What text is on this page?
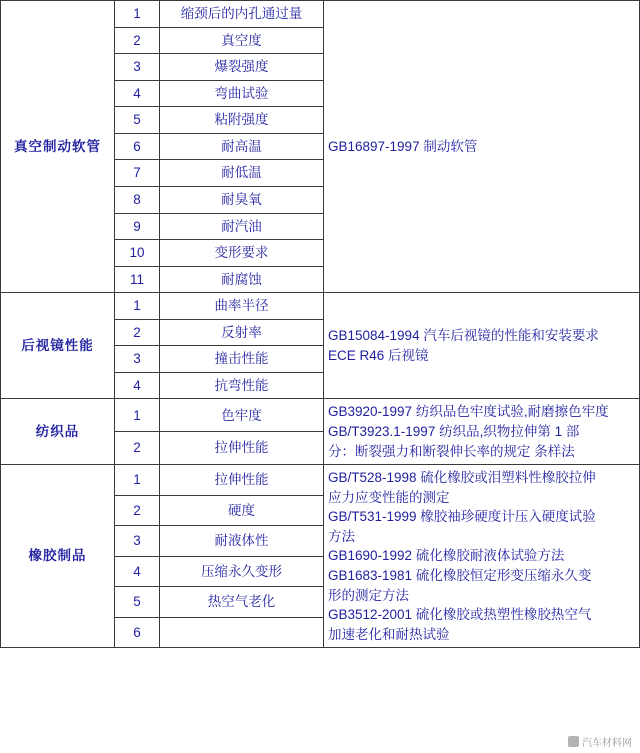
真空制动软管	1	缩颈后的内孔通过量	GB16897-1997 制动软管

	2	真空度	
	3	爆裂强度	
	4	弯曲试验	
	5	粘附强度	
	6	耐高温	
	7	耐低温	
	8	耐臭氧	
	9	耐汽油	
	10	变形要求	
	11	耐腐蚀	
后视镜性能	1	曲率半径	GB15084-1994 汽车后视镜的性能和安装要求
ECE R46 后视镜

	2	反射率	
	3	撞击性能	
	4	抗弯性能	
纺织品	1	色牢度	GB3920-1997 纺织品色牢度试验,耐磨擦色牢度
GB/T3923.1-1997 纺织品,织物拉伸第 1 部
分：断裂强力和断裂伸长率的规定 条样法

	2	拉伸性能	
橡胶制品	1	拉伸性能	GB/T528-1998 硫化橡胶或泪塑料性橡胶拉伸
应力应变性能的测定
GB/T531-1999 橡胶袖珍硬度计压入硬度试验
方法
GB1690-1992 硫化橡胶耐液体试验方法
GB1683-1981 硫化橡胶恒定形变压缩永久变
形的测定方法
GB3512-2001 硫化橡胶或热塑性橡胶热空气
加速老化和耐热试验

	2	硬度	
	3	耐液体性	
	4	压缩永久变形	
	5	热空气老化	
	6		
汽车材料网
